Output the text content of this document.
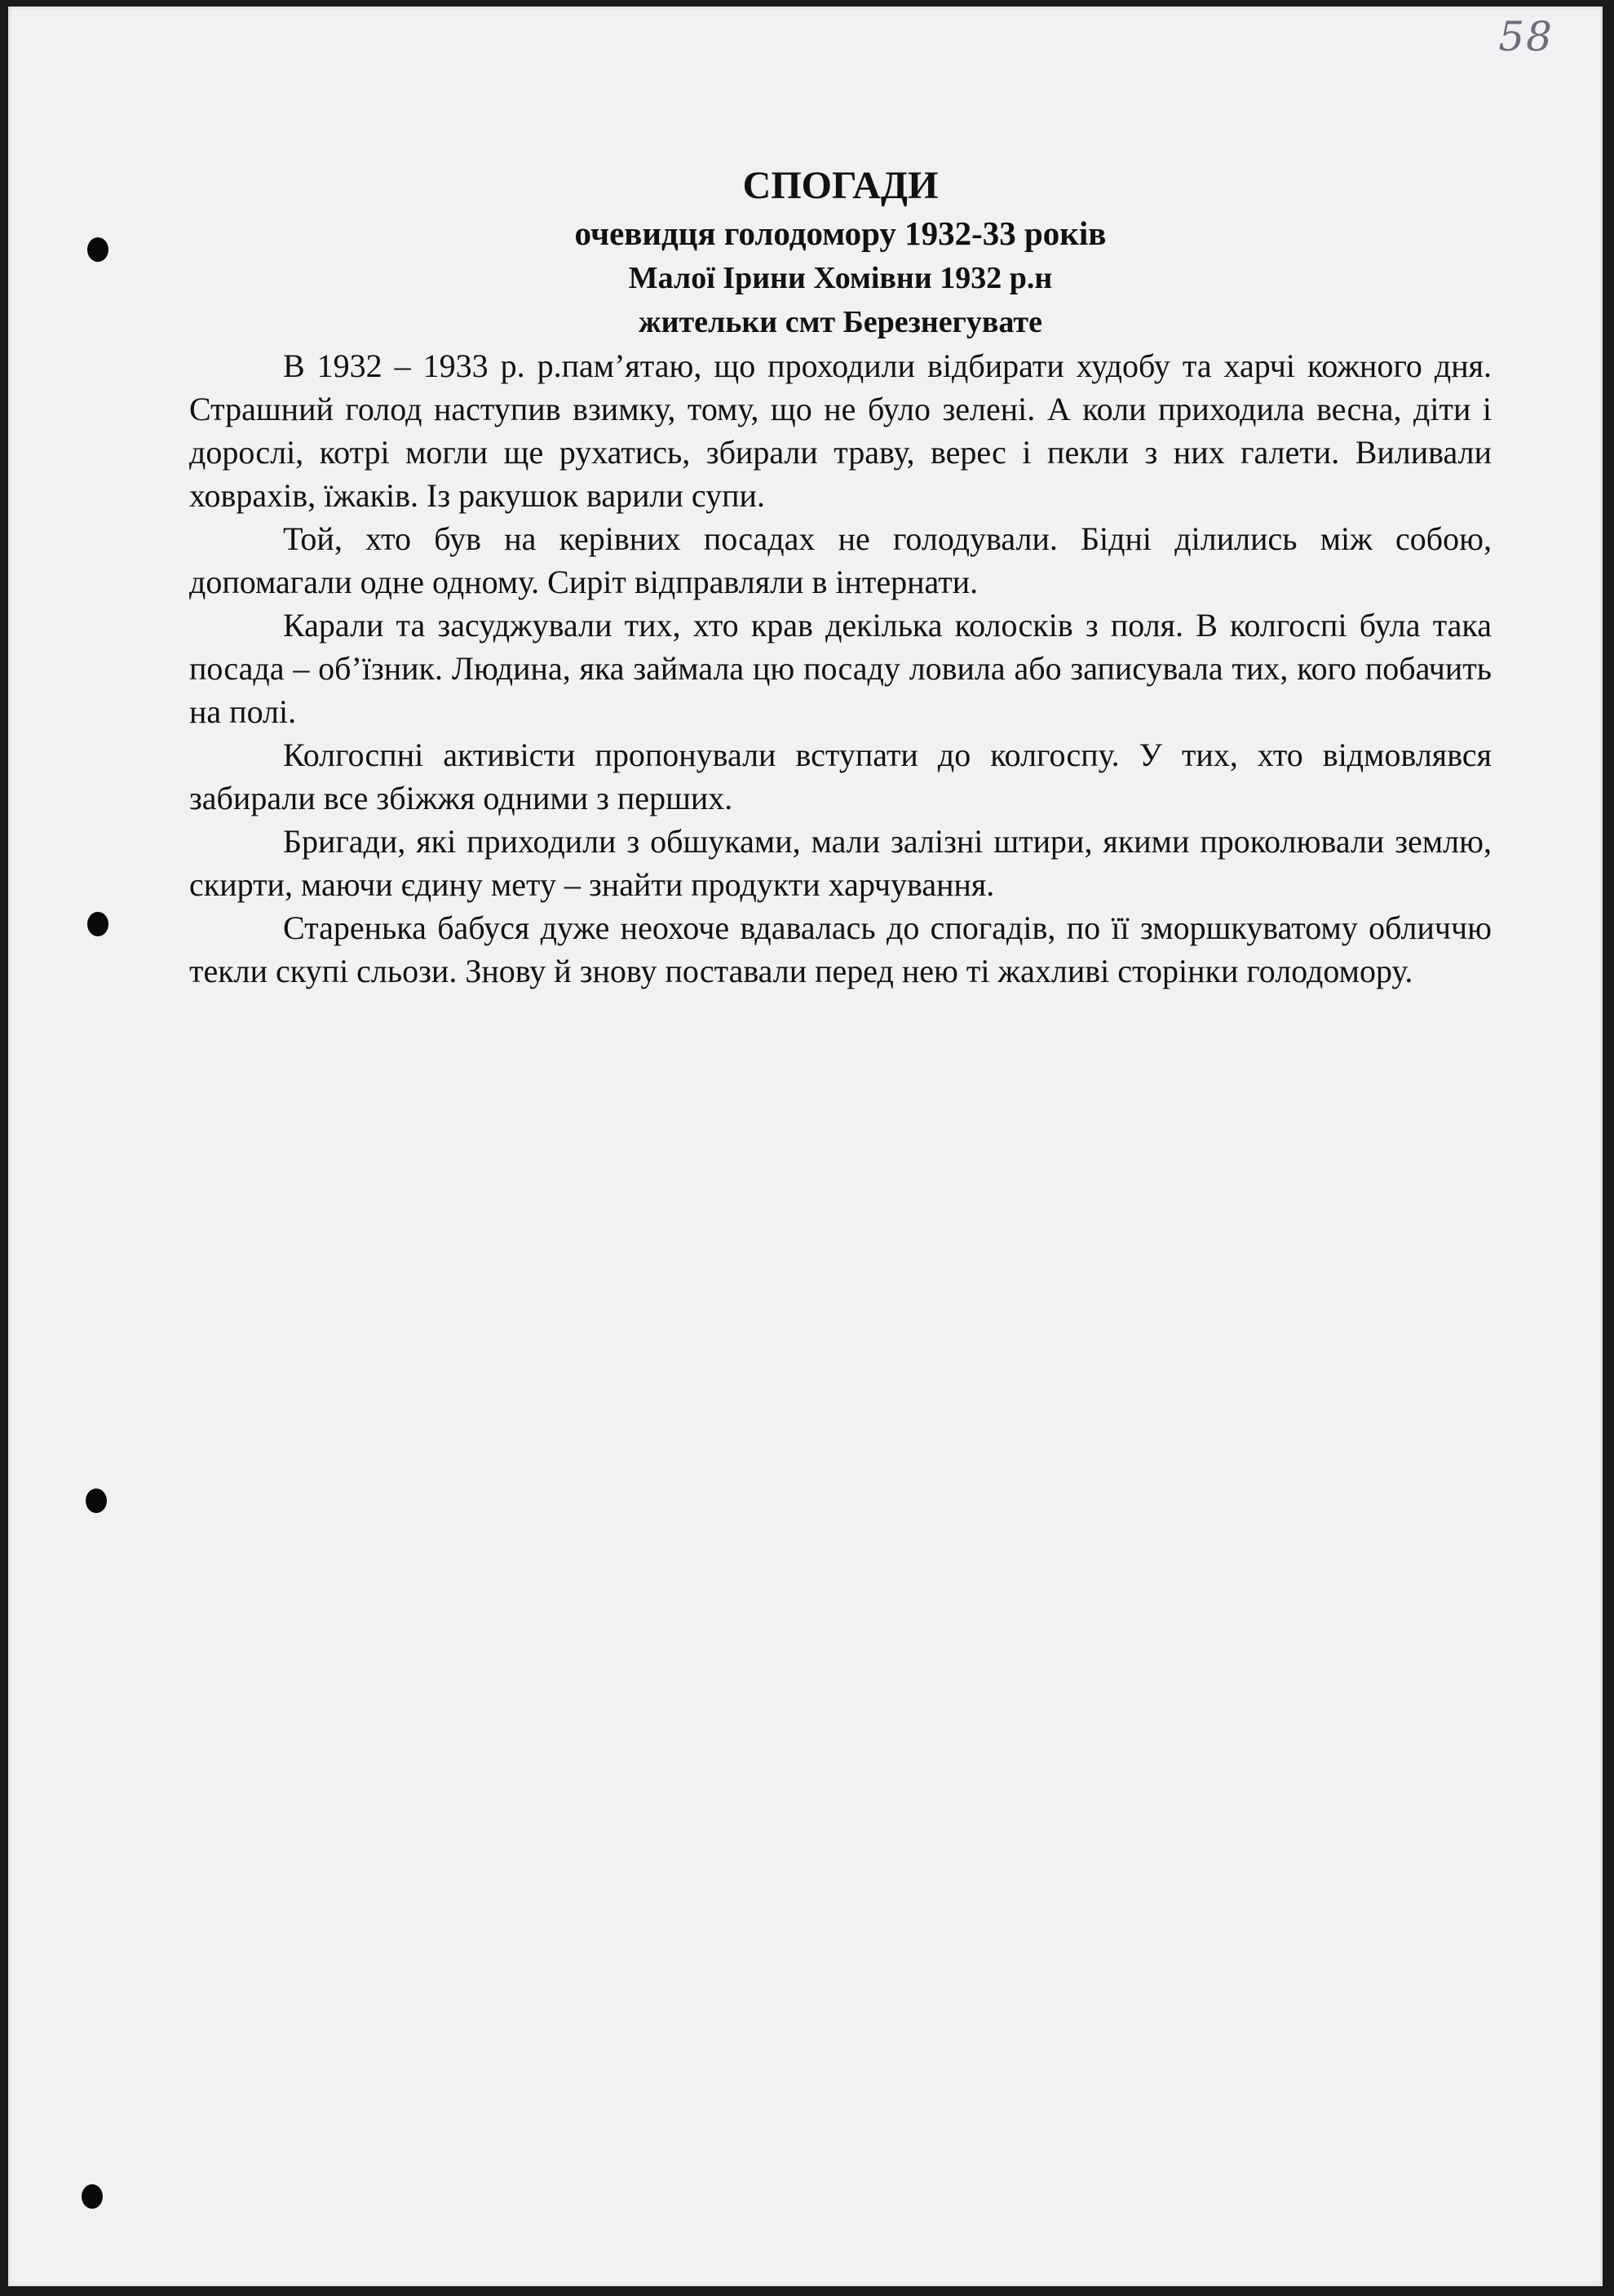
58
СПОГАДИ
очевидця голодомору 1932-33 років
Малої Ірини Хомівни 1932 р.н
жительки смт Березнегувате

В 1932 – 1933 р. р.пам’ятаю, що проходили відбирати худобу та харчі кожного дня. Страшний голод наступив взимку, тому, що не було зелені. А коли приходила весна, діти і дорослі, котрі могли ще рухатись, збирали траву, верес і пекли з них галети. Виливали ховрахів, їжаків. Із ракушок варили супи.

Той, хто був на керівних посадах не голодували. Бідні ділились між собою, допомагали одне одному. Сиріт відправляли в інтернати.

Карали та засуджували тих, хто крав декілька колосків з поля. В колгоспі була така посада – об’їзник. Людина, яка займала цю посаду ловила або записувала тих, кого побачить на полі.

Колгоспні активісти пропонували вступати до колгоспу. У тих, хто відмовлявся забирали все збіжжя одними з перших.

Бригади, які приходили з обшуками, мали залізні штири, якими проколювали землю, скирти, маючи єдину мету – знайти продукти харчування.

Старенька бабуся дуже неохоче вдавалась до спогадів, по її зморшкуватому обличчю текли скупі сльози. Знову й знову поставали перед нею ті жахливі сторінки голодомору.
